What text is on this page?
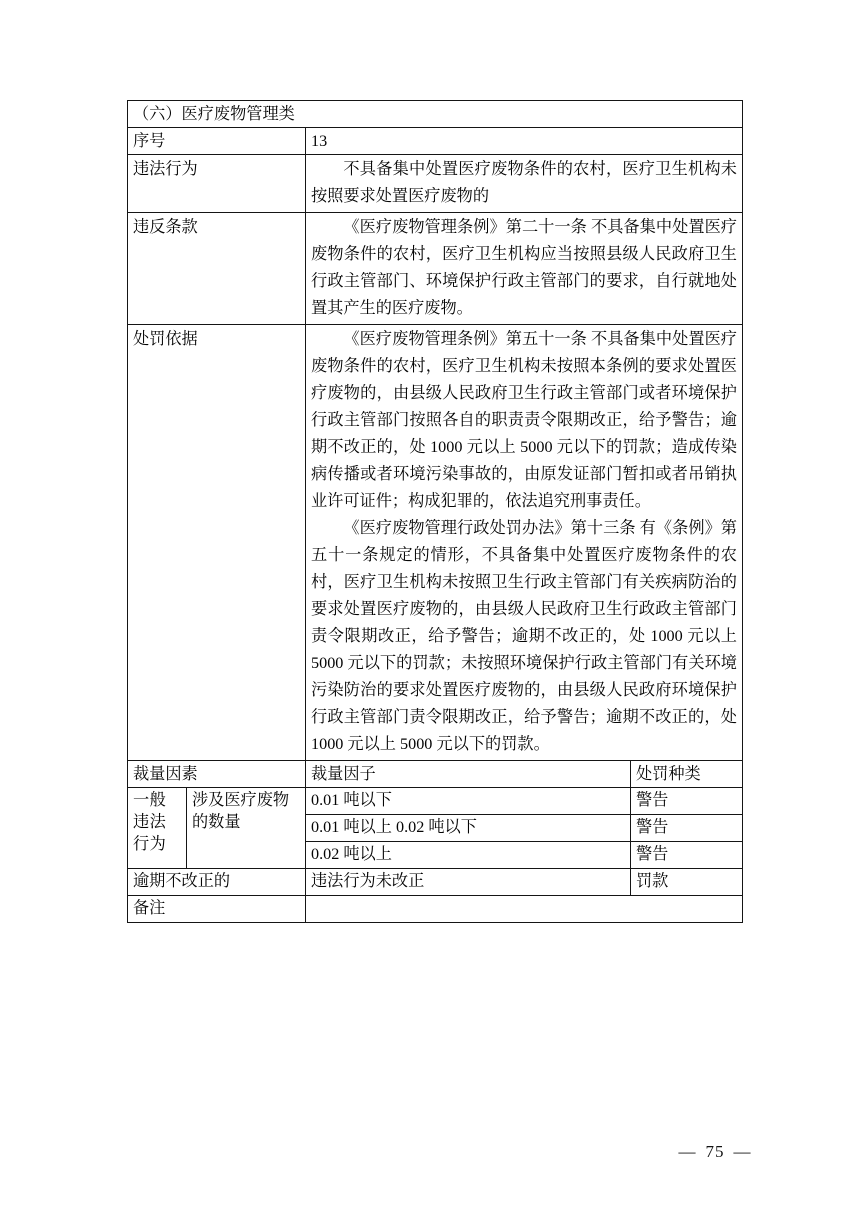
（六）医疗废物管理类			
序号		13	
违法行为		不具备集中处置医疗废物条件的农村，医疗卫生机构未按照要求处置医疗废物的	

违反条款		《医疗废物管理条例》第二十一条 不具备集中处置医疗废物条件的农村，医疗卫生机构应当按照县级人民政府卫生行政主管部门、环境保护行政主管部门的要求，自行就地处置其产生的医疗废物。	

处罚依据		《医疗废物管理条例》第五十一条 不具备集中处置医疗废物条件的农村，医疗卫生机构未按照本条例的要求处置医疗废物的，由县级人民政府卫生行政主管部门或者环境保护行政主管部门按照各自的职责责令限期改正，给予警告；逾期不改正的，处 1000 元以上 5000 元以下的罚款；造成传染病传播或者环境污染事故的，由原发证部门暂扣或者吊销执业许可证件；构成犯罪的，依法追究刑事责任。

《医疗废物管理行政处罚办法》第十三条 有《条例》第五十一条规定的情形，不具备集中处置医疗废物条件的农村，医疗卫生机构未按照卫生行政主管部门有关疾病防治的要求处置医疗废物的，由县级人民政府卫生行政政主管部门责令限期改正，给予警告；逾期不改正的，处 1000 元以上 5000 元以下的罚款；未按照环境保护行政主管部门有关环境污染防治的要求处置医疗废物的，由县级人民政府环境保护行政主管部门责令限期改正，给予警告；逾期不改正的，处 1000 元以上 5000 元以下的罚款。	

裁量因素		裁量因子	处罚种类
一般违法行为	涉及医疗废物的数量	0.01 吨以下	警告
		0.01 吨以上 0.02 吨以下	警告
		0.02 吨以上	警告
逾期不改正的		违法行为未改正	罚款
备注			
— 75 —
